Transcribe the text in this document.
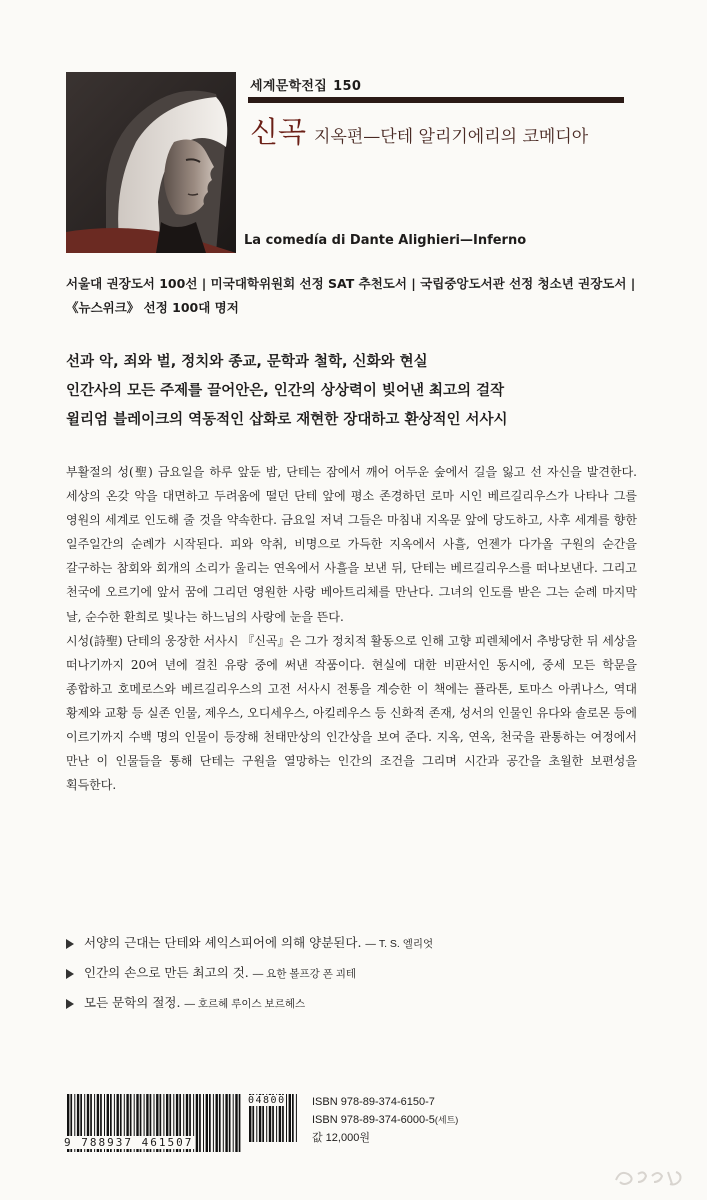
세계문학전집 150
신곡 지옥편—단테 알리기에리의 코메디아
La comedía di Dante Alighieri—Inferno
서울대 권장도서 100선 | 미국대학위원회 선정 SAT 추천도서 | 국립중앙도서관 선정 청소년 권장도서 | 《뉴스위크》 선정 100대 명저
선과 악, 죄와 벌, 정치와 종교, 문학과 철학, 신화와 현실
인간사의 모든 주제를 끌어안은, 인간의 상상력이 빚어낸 최고의 걸작
윌리엄 블레이크의 역동적인 삽화로 재현한 장대하고 환상적인 서사시

부활절의 성(聖) 금요일을 하루 앞둔 밤, 단테는 잠에서 깨어 어두운 숲에서 길을 잃고 선 자신을 발견한다. 세상의 온갖 악을 대면하고 두려움에 떨던 단테 앞에 평소 존경하던 로마 시인 베르길리우스가 나타나 그를 영원의 세계로 인도해 줄 것을 약속한다. 금요일 저녁 그들은 마침내 지옥문 앞에 당도하고, 사후 세계를 향한 일주일간의 순례가 시작된다. 피와 악취, 비명으로 가득한 지옥에서 사흘, 언젠가 다가올 구원의 순간을 갈구하는 참회와 회개의 소리가 울리는 연옥에서 사흘을 보낸 뒤, 단테는 베르길리우스를 떠나보낸다. 그리고 천국에 오르기에 앞서 꿈에 그리던 영원한 사랑 베아트리체를 만난다. 그녀의 인도를 받은 그는 순례 마지막 날, 순수한 환희로 빛나는 하느님의 사랑에 눈을 뜬다.

시성(詩聖) 단테의 웅장한 서사시 『신곡』은 그가 정치적 활동으로 인해 고향 피렌체에서 추방당한 뒤 세상을 떠나기까지 20여 년에 걸친 유랑 중에 써낸 작품이다. 현실에 대한 비판서인 동시에, 중세 모든 학문을 종합하고 호메로스와 베르길리우스의 고전 서사시 전통을 계승한 이 책에는 플라톤, 토마스 아퀴나스, 역대 황제와 교황 등 실존 인물, 제우스, 오디세우스, 아킬레우스 등 신화적 존재, 성서의 인물인 유다와 솔로몬 등에 이르기까지 수백 명의 인물이 등장해 천태만상의 인간상을 보여 준다. 지옥, 연옥, 천국을 관통하는 여정에서 만난 이 인물들을 통해 단테는 구원을 열망하는 인간의 조건을 그리며 시간과 공간을 초월한 보편성을 획득한다.

서양의 근대는 단테와 셰익스피어에 의해 양분된다. — T. S. 엘리엇
인간의 손으로 만든 최고의 것. — 요한 볼프강 폰 괴테
모든 문학의 절정. — 호르헤 루이스 보르헤스
9 788937 461507
04800 ISBN 978-89-374-6150-7
ISBN 978-89-374-6000-5(세트)
값 12,000원
